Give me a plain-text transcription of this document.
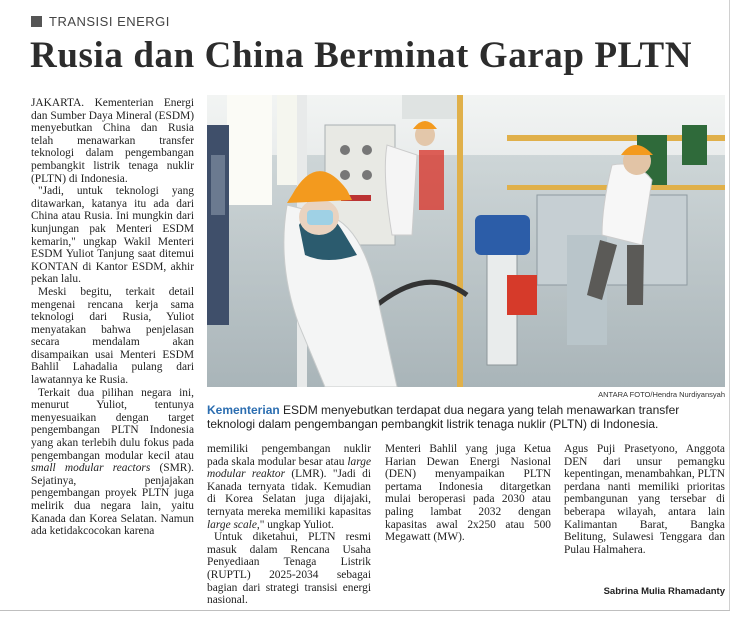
TRANSISI ENERGI
Rusia dan China Berminat Garap PLTN

JAKARTA. Kementerian Energi dan Sumber Daya Mineral (ESDM) menyebutkan China dan Rusia telah menawarkan transfer teknologi dalam pengembangan pembangkit listrik tenaga nuklir (PLTN) di Indonesia.

"Jadi, untuk teknologi yang ditawarkan, katanya itu ada dari China atau Rusia. Ini mungkin dari kunjungan pak Menteri ESDM kemarin," ungkap Wakil Menteri ESDM Yuliot Tanjung saat ditemui KONTAN di Kantor ESDM, akhir pekan lalu.

Meski begitu, terkait detail mengenai rencana kerja sama teknologi dari Rusia, Yuliot menyatakan bahwa penjelasan secara mendalam akan disampaikan usai Menteri ESDM Bahlil Lahadalia pulang dari lawatannya ke Rusia.

Terkait dua pilihan negara ini, menurut Yuliot, tentunya menyesuaikan dengan target pengembangan PLTN Indonesia yang akan terlebih dulu fokus pada pengembangan modular kecil atau small modular reactors (SMR). Sejatinya, penjajakan pengembangan proyek PLTN juga melirik dua negara lain, yaitu Kanada dan Korea Selatan. Namun ada ketidakcocokan karena

ANTARA FOTO/Hendra Nurdiyansyah
Kementerian ESDM menyebutkan terdapat dua negara yang telah menawarkan transfer teknologi dalam pengembangan pembangkit listrik tenaga nuklir (PLTN) di Indonesia.

memiliki pengembangan nuklir pada skala modular besar atau large modular reaktor (LMR). "Jadi di Kanada ternyata tidak. Kemudian di Korea Selatan juga dijajaki, ternyata mereka memiliki kapasitas large scale," ungkap Yuliot.

Untuk diketahui, PLTN resmi masuk dalam Rencana Usaha Penyediaan Tenaga Listrik (RUPTL) 2025-2034 sebagai bagian dari strategi transisi energi nasional.

Menteri Bahlil yang juga Ketua Harian Dewan Energi Nasional (DEN) menyampaikan PLTN pertama Indonesia ditargetkan mulai beroperasi pada 2030 atau paling lambat 2032 dengan kapasitas awal 2x250 atau 500 Megawatt (MW).

Agus Puji Prasetyono, Anggota DEN dari unsur pemangku kepentingan, menambahkan, PLTN perdana nanti memiliki prioritas pembangunan yang tersebar di beberapa wilayah, antara lain Kalimantan Barat, Bangka Belitung, Sulawesi Tenggara dan Pulau Halmahera.

Sabrina Mulia Rhamadanty
